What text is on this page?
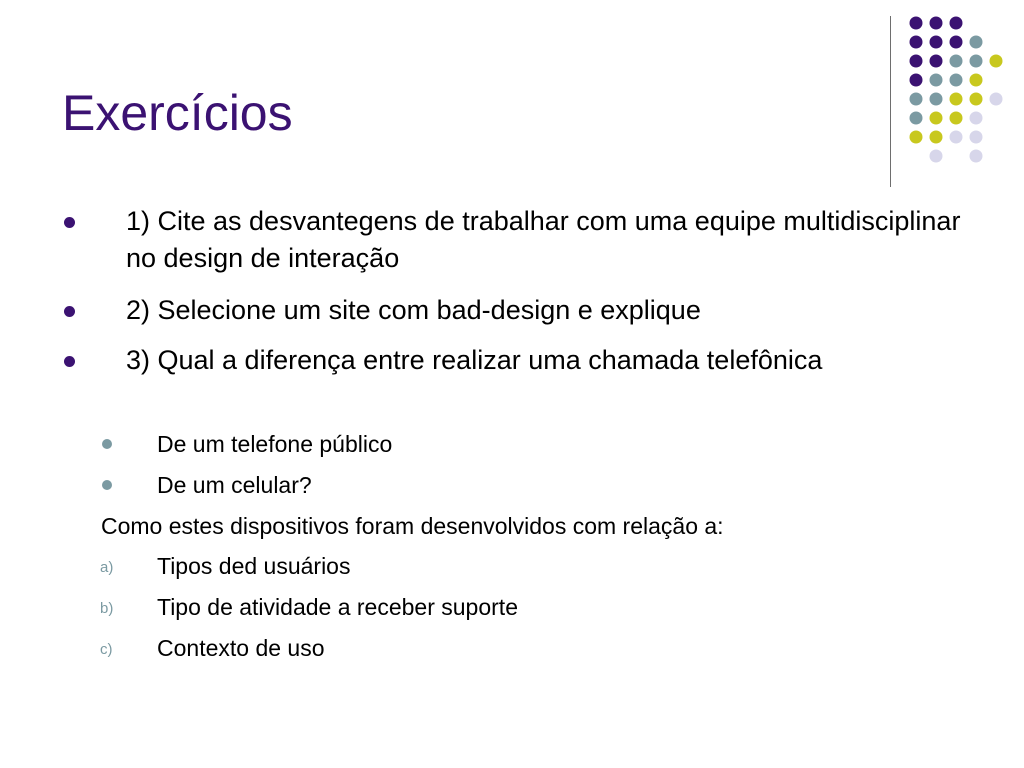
Exercícios
1) Cite as desvantegens de trabalhar com uma equipe multidisciplinar no design de interação
2) Selecione um site com bad-design e explique
3) Qual a diferença entre realizar uma chamada telefônica
De um telefone público
De um celular?
Como estes dispositivos foram desenvolvidos com relação a:
a) Tipos ded usuários
b) Tipo de atividade a receber suporte
c) Contexto de uso
